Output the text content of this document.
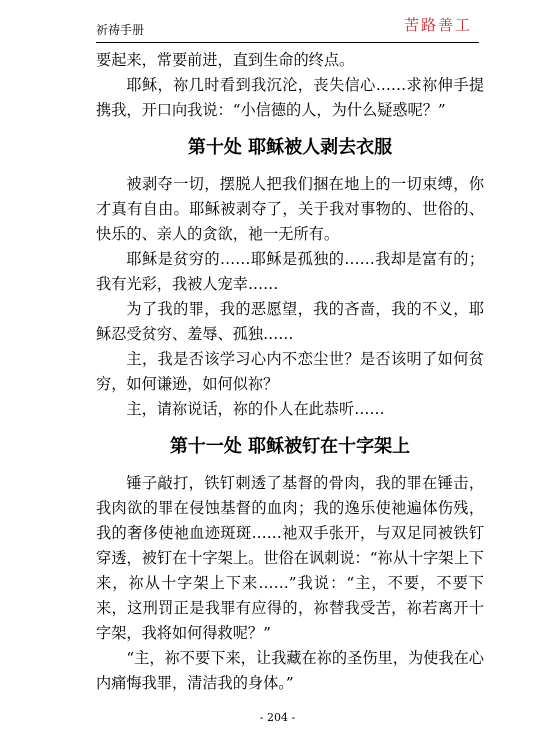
祈祷手册	苦路善工

要起来，常要前进，直到生命的终点。

耶稣，祢几时看到我沉沦，丧失信心……求祢伸手提携我，开口向我说：“小信德的人，为什么疑惑呢？”

第十处 耶稣被人剥去衣服

被剥夺一切，摆脱人把我们捆在地上的一切束缚，你才真有自由。耶稣被剥夺了，关于我对事物的、世俗的、快乐的、亲人的贪欲，祂一无所有。

耶稣是贫穷的……耶稣是孤独的……我却是富有的；我有光彩，我被人宠幸……

为了我的罪，我的恶愿望，我的吝啬，我的不义，耶稣忍受贫穷、羞辱、孤独……

主，我是否该学习心内不恋尘世？是否该明了如何贫穷，如何谦逊，如何似祢？

主，请祢说话，祢的仆人在此恭听……

第十一处 耶稣被钉在十字架上

锤子敲打，铁钉刺透了基督的骨肉，我的罪在锤击，我肉欲的罪在侵蚀基督的血肉；我的逸乐使祂遍体伤残，我的奢侈使祂血迹斑斑……祂双手张开，与双足同被铁钉穿透，被钉在十字架上。世俗在讽刺说：“祢从十字架上下来，祢从十字架上下来……”我说：“主，不要，不要下来，这刑罚正是我罪有应得的，祢替我受苦，祢若离开十字架，我将如何得救呢？”

“主，祢不要下来，让我藏在祢的圣伤里，为使我在心内痛悔我罪，清洁我的身体。”

- 204 -
